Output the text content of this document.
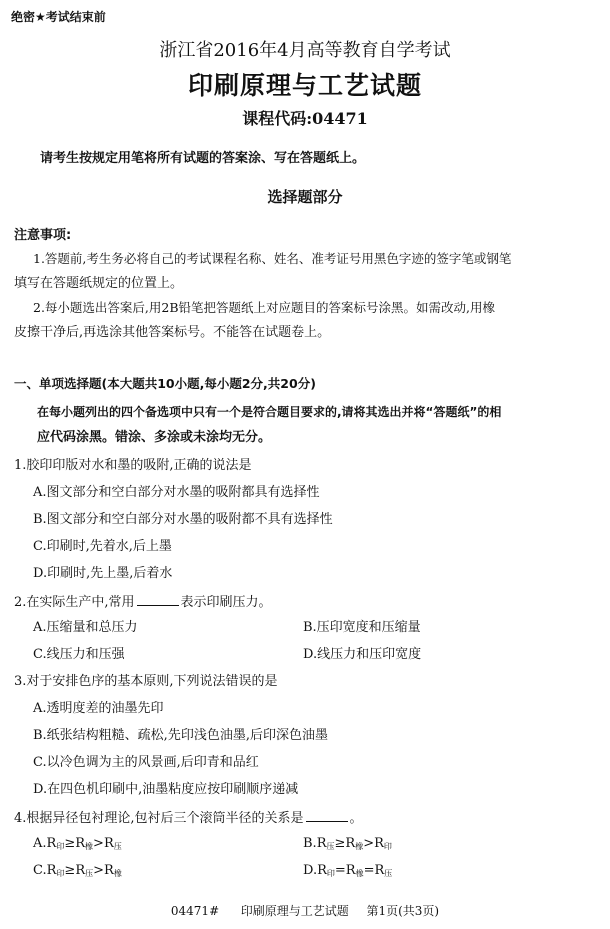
绝密★考试结束前
浙江省2016年4月高等教育自学考试
印刷原理与工艺试题
课程代码:04471
请考生按规定用笔将所有试题的答案涂、写在答题纸上。
选择题部分
注意事项:
1.答题前,考生务必将自己的考试课程名称、姓名、准考证号用黑色字迹的签字笔或钢笔
填写在答题纸规定的位置上。
2.每小题选出答案后,用2B铅笔把答题纸上对应题目的答案标号涂黑。如需改动,用橡
皮擦干净后,再选涂其他答案标号。不能答在试题卷上。
一、单项选择题(本大题共10小题,每小题2分,共20分)
在每小题列出的四个备选项中只有一个是符合题目要求的,请将其选出并将“答题纸”的相
应代码涂黑。错涂、多涂或未涂均无分。
1.胶印印版对水和墨的吸附,正确的说法是
A.图文部分和空白部分对水墨的吸附都具有选择性
B.图文部分和空白部分对水墨的吸附都不具有选择性
C.印刷时,先着水,后上墨
D.印刷时,先上墨,后着水
2.在实际生产中,常用	表示印刷压力。
A.压缩量和总压力	B.压印宽度和压缩量
C.线压力和压强	D.线压力和压印宽度
3.对于安排色序的基本原则,下列说法错误的是
A.透明度差的油墨先印
B.纸张结构粗糙、疏松,先印浅色油墨,后印深色油墨
C.以冷色调为主的风景画,后印青和品红
D.在四色机印刷中,油墨粘度应按印刷顺序递减
4.根据异径包衬理论,包衬后三个滚筒半径的关系是	。
$A.R_印\ge R_橡>R_压$	$B.R_压\ge R_橡>R_印$
$C.R_印\ge R_压>R_橡$	$D.R_印=R_橡=R_压$
04471# 印刷原理与工艺试题 第1页(共3页)
